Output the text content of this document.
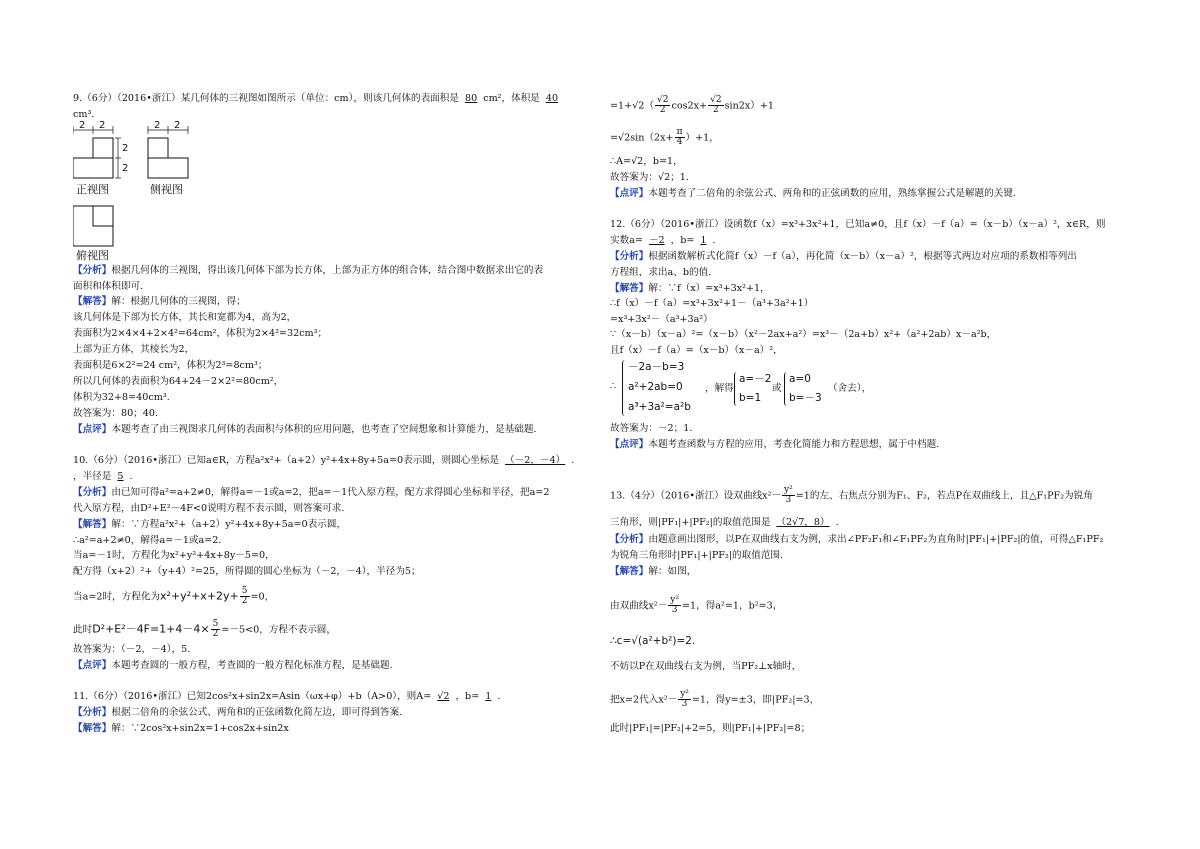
9.（6分）（2016•浙江）某几何体的三视图如图所示（单位：cm），则该几何体的表面积是 80 cm²，体积是 40
cm³.
2 2
2
2
2 2
正视图	侧视图
俯视图
【分析】根据几何体的三视图，得出该几何体下部为长方体，上部为正方体的组合体，结合图中数据求出它的表
面积和体积即可.
【解答】解：根据几何体的三视图，得；
该几何体是下部为长方体，其长和宽都为4，高为2，
表面积为2×4×4+2×4²=64cm²，体积为2×4²=32cm³；
上部为正方体，其棱长为2，
表面积是6×2²=24 cm²，体积为2³=8cm³；
所以几何体的表面积为64+24－2×2²=80cm²，
体积为32+8=40cm³.
故答案为：80；40.
【点评】本题考查了由三视图求几何体的表面积与体积的应用问题，也考查了空间想象和计算能力，是基础题.
10.（6分）（2016•浙江）已知a∈R，方程a²x²+（a+2）y²+4x+8y+5a=0表示圆，则圆心坐标是 （－2，－4） .
，半径是 5 .
【分析】由已知可得a²=a+2≠0，解得a=－1或a=2，把a=－1代入原方程，配方求得圆心坐标和半径，把a=2
代入原方程，由D²+E²－4F<0说明方程不表示圆，则答案可求.
【解答】解：∵方程a²x²+（a+2）y²+4x+8y+5a=0表示圆，
∴a²=a+2≠0，解得a=－1或a=2.
当a=－1时，方程化为x²+y²+4x+8y－5=0，
配方得（x+2）²+（y+4）²=25，所得圆的圆心坐标为（－2，－4），半径为5；
当a=2时，方程化为$x^2+y^2+x+2y+ \frac{5}{2} =0$，
此时$D^2+E^2-4F=1+4-4\times \frac{5}{2} =-5<0$，方程不表示圆，
故答案为：（－2，－4），5.
【点评】本题考查圆的一般方程，考查圆的一般方程化标准方程，是基础题.
11.（6分）（2016•浙江）已知2cos²x+sin2x=Asin（ωx+φ）+b（A>0），则A= √2 ，b= 1 .
【分析】根据二倍角的余弦公式、两角和的正弦函数化简左边，即可得到答案.
【解答】解：∵2cos²x+sin2x=1+cos2x+sin2x
$=1+√2( \frac{√2}{2} \cos 2x+ \frac{√2}{2} \sin 2x)+1$
$=√2\sin(2x+ \frac{\pi}{4} )+1$，
∴A=√2，b=1，
故答案为：√2；1.
【点评】本题考查了二倍角的余弦公式、两角和的正弦函数的应用，熟练掌握公式是解题的关键.
12.（6分）（2016•浙江）设函数f（x）=x³+3x²+1，已知a≠0，且f（x）－f（a）=（x－b）（x－a）²，x∈R，则
实数a= －2 ，b= 1 .
【分析】根据函数解析式化简f（x）－f（a），再化简（x－b）（x－a）²，根据等式两边对应项的系数相等列出
方程组，求出a、b的值.
【解答】解：∵f（x）=x³+3x²+1，
∴f（x）－f（a）=x³+3x²+1－（a³+3a²+1）
=x³+3x²－（a³+3a²）
∵（x－b）（x－a）²=（x－b）（x²－2ax+a²）=x³－（2a+b）x²+（a²+2ab）x－a²b，
且f（x）－f（a）=（x－b）（x－a）²，
∴
－2a－b=3
a²+2ab=0
a³+3a²=a²b
，解得
a=－2
b=1
或
a=0
b=－3
（舍去），
故答案为：－2；1.
【点评】本题考查函数与方程的应用，考查化简能力和方程思想，属于中档题.
13.（4分）（2016•浙江）设双曲线$x^2- \frac{\text{y²}}{3} =1$的左、右焦点分别为F₁、F₂，若点P在双曲线上，且△F₁PF₂为锐角
三角形，则|PF₁|+|PF₂|的取值范围是 （2√7，8） .
【分析】由题意画出图形，以P在双曲线右支为例，求出∠PF₂F₁和∠F₁PF₂为直角时|PF₁|+|PF₂|的值，可得△F₁PF₂
为锐角三角形时|PF₁|+|PF₂|的取值范围.
【解答】解：如图，
由双曲线$x^2- \frac{\text{y²}}{3} =1$，得a²=1，b²=3，
∴c=√(a²+b²)=2.
不妨以P在双曲线右支为例，当PF₂⊥x轴时，
把x=2代入$x^2- \frac{\text{y²}}{3} =1$，得y=±3，即|PF₂|=3，
此时|PF₁|=|PF₂|+2=5，则|PF₁|+|PF₂|=8；
